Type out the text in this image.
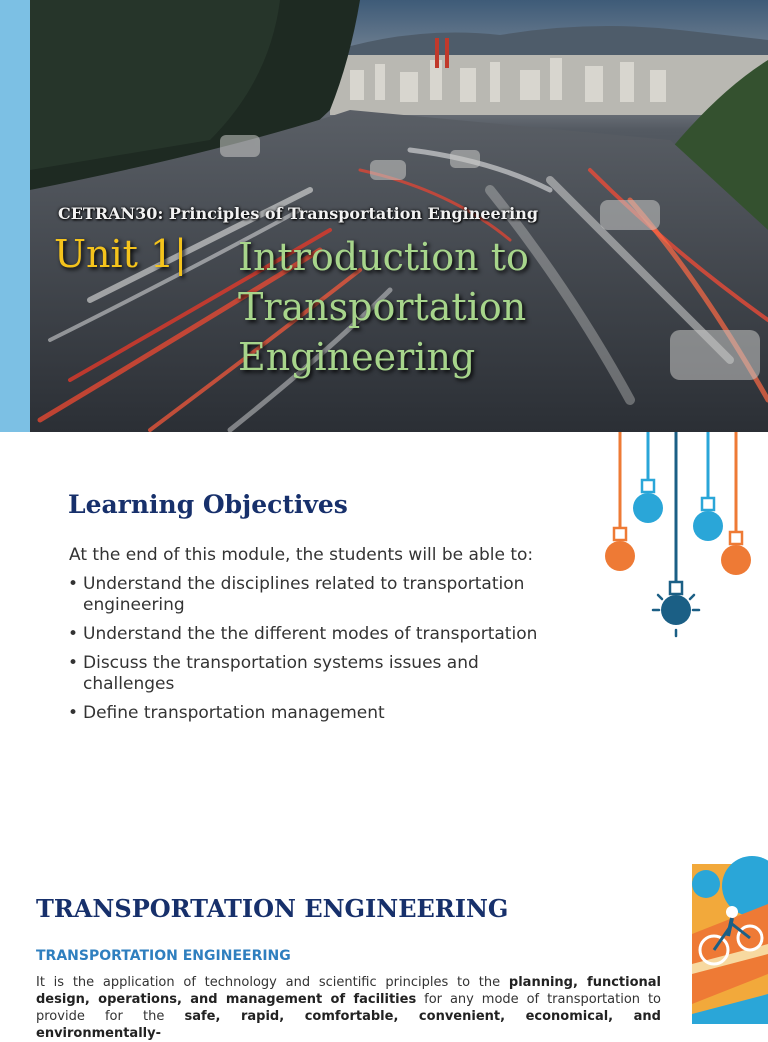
CETRAN30: Principles of Transportation Engineering
Unit 1| Introduction to
Transportation
Engineering
Learning Objectives
At the end of this module, the students will be able to:
• Understand the disciplines related to transportation
engineering
• Understand the the different modes of transportation
• Discuss the transportation systems issues and
challenges
• Define transportation management
TRANSPORTATION ENGINEERING
TRANSPORTATION ENGINEERING
It is the application of technology and scientific principles to the planning, functional design, operations, and management of facilities for any mode of transportation to provide for the safe, rapid, comfortable, convenient, economical, and environmentally-
